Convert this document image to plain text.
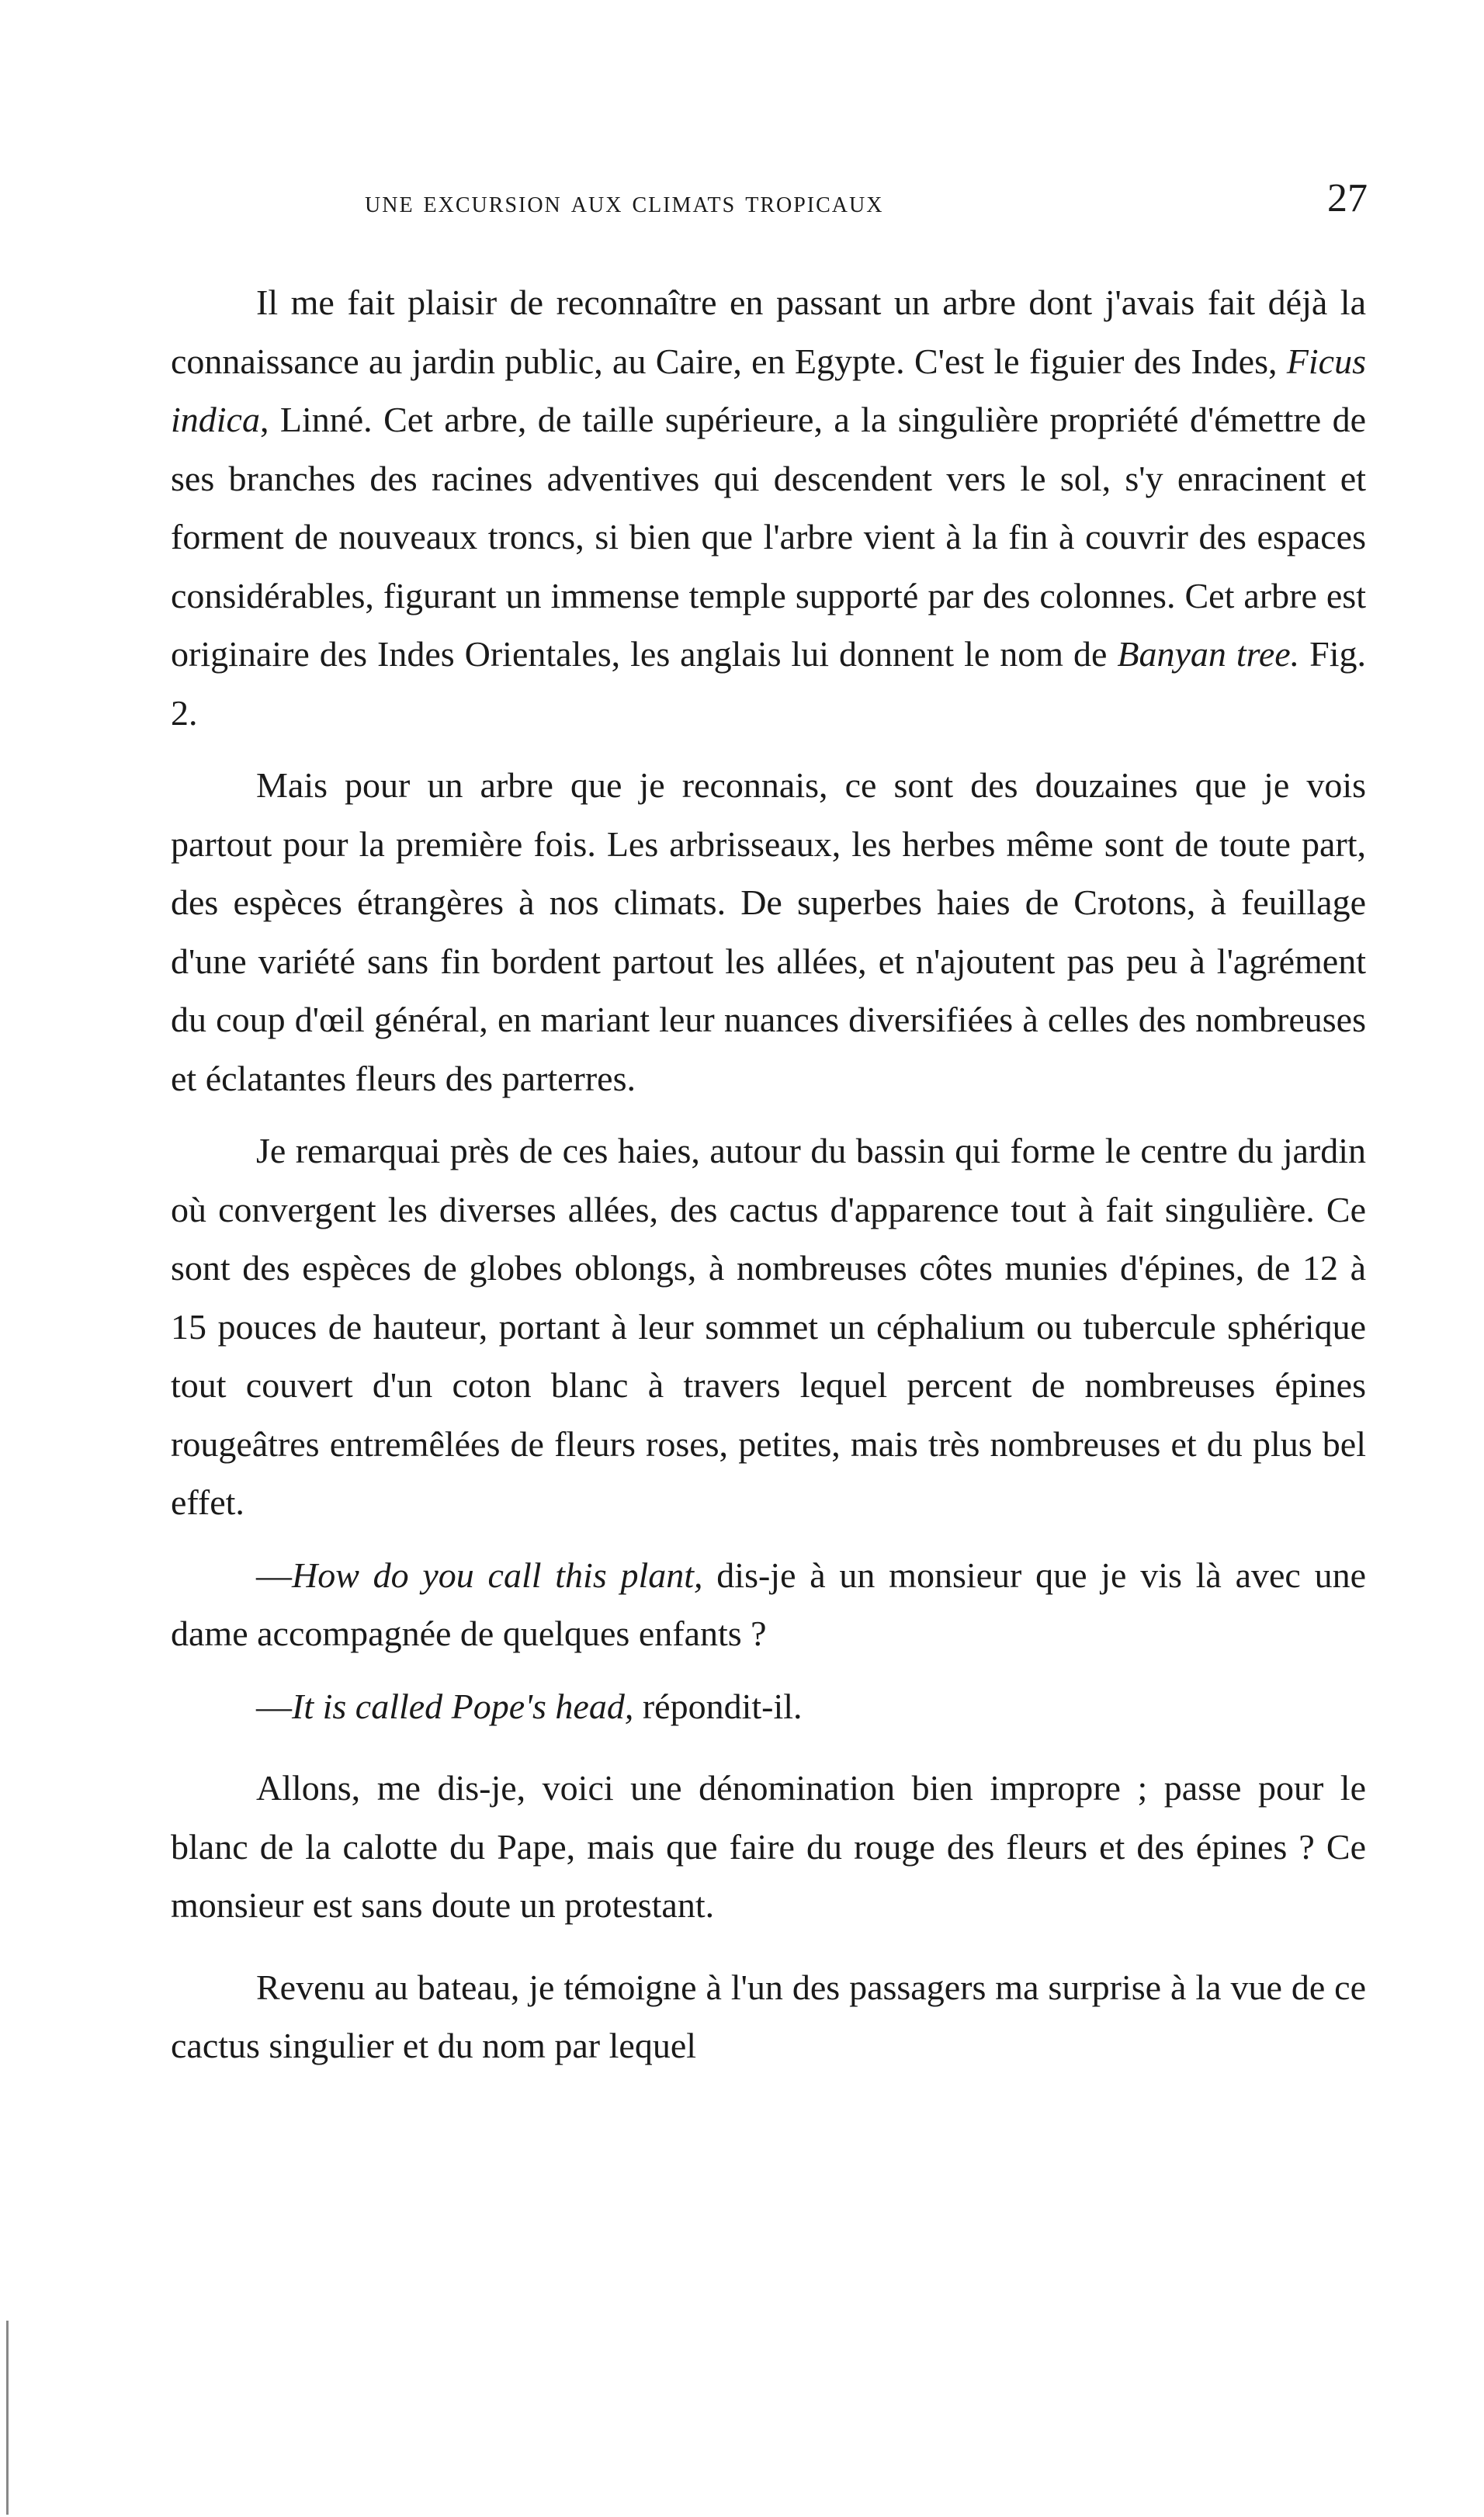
une excursion aux climats tropicaux	27

Il me fait plaisir de reconnaître en passant un arbre dont j'avais fait déjà la connaissance au jardin public, au Caire, en Egypte. C'est le figuier des Indes, Ficus indica, Linné. Cet arbre, de taille supérieure, a la singulière propriété d'émettre de ses branches des racines adventives qui descendent vers le sol, s'y enracinent et forment de nouveaux troncs, si bien que l'arbre vient à la fin à couvrir des espaces considérables, figurant un immense temple supporté par des colonnes. Cet arbre est originaire des Indes Orientales, les anglais lui donnent le nom de Banyan tree. Fig. 2.

Mais pour un arbre que je reconnais, ce sont des douzaines que je vois partout pour la première fois. Les arbrisseaux, les herbes même sont de toute part, des espèces étrangères à nos climats. De superbes haies de Crotons, à feuillage d'une variété sans fin bordent partout les allées, et n'ajoutent pas peu à l'agrément du coup d'œil général, en mariant leur nuances diversifiées à celles des nombreuses et éclatantes fleurs des parterres.

Je remarquai près de ces haies, autour du bassin qui forme le centre du jardin où convergent les diverses allées, des cactus d'apparence tout à fait singulière. Ce sont des espèces de globes oblongs, à nombreuses côtes munies d'épines, de 12 à 15 pouces de hauteur, portant à leur sommet un céphalium ou tubercule sphérique tout couvert d'un coton blanc à travers lequel percent de nombreuses épines rougeâtres entremêlées de fleurs roses, petites, mais très nombreuses et du plus bel effet.

—How do you call this plant, dis-je à un monsieur que je vis là avec une dame accompagnée de quelques enfants ?

—It is called Pope's head, répondit-il.

Allons, me dis-je, voici une dénomination bien impropre ; passe pour le blanc de la calotte du Pape, mais que faire du rouge des fleurs et des épines ? Ce monsieur est sans doute un protestant.

Revenu au bateau, je témoigne à l'un des passagers ma surprise à la vue de ce cactus singulier et du nom par lequel
